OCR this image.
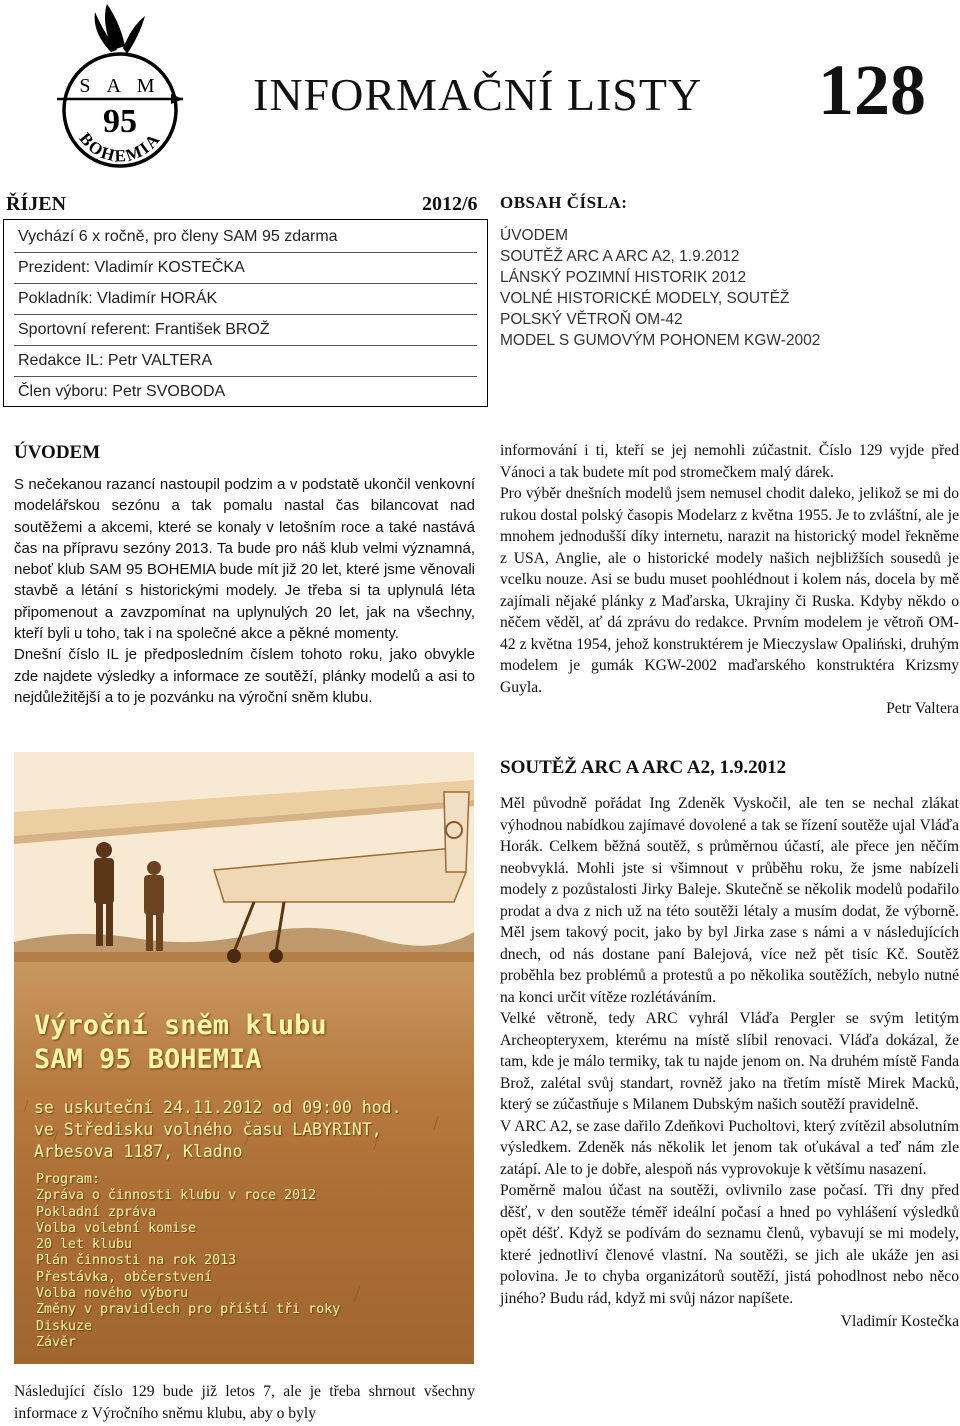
S A M
95
BOHEMIA
INFORMAČNÍ LISTY 128
ŘÍJEN	2012/6
Vychází 6 x ročně, pro členy SAM 95 zdarma
Prezident: Vladimír KOSTEČKA
Pokladník: Vladimír HORÁK
Sportovní referent: František BROŽ
Redakce IL: Petr VALTERA
Člen výboru: Petr SVOBODA
OBSAH ČÍSLA:
ÚVODEM
SOUTĚŽ ARC A ARC A2, 1.9.2012
LÁNSKÝ POZIMNÍ HISTORIK 2012
VOLNÉ HISTORICKÉ MODELY, SOUTĚŽ
POLSKÝ VĚTROŇ OM-42
MODEL S GUMOVÝM POHONEM KGW-2002
ÚVODEM

S nečekanou razancí nastoupil podzim a v podstatě ukončil venkovní modelářskou sezónu a tak pomalu nastal čas bilancovat nad soutěžemi a akcemi, které se konaly v letošním roce a také nastává čas na přípravu sezóny 2013. Ta bude pro náš klub velmi významná, neboť klub SAM 95 BOHEMIA bude mít již 20 let, které jsme věnovali stavbě a létání s historickými modely. Je třeba si ta uplynulá léta připomenout a zavzpomínat na uplynulých 20 let, jak na všechny, kteří byli u toho, tak i na společné akce a pěkné momenty.

Dnešní číslo IL je předposledním číslem tohoto roku, jako obvykle zde najdete výsledky a informace ze soutěží, plánky modelů a asi to nejdůležitější a to je pozvánku na výroční sněm klubu.

Výroční sněm klubu
SAM 95 BOHEMIA
se uskuteční 24.11.2012 od 09:00 hod.
ve Středisku volného času LABYRINT,
Arbesova 1187, Kladno
Program:
Zpráva o činnosti klubu v roce 2012
Pokladní zpráva
Volba volební komise
20 let klubu
Plán činnosti na rok 2013
Přestávka, občerstvení
Volba nového výboru
Změny v pravidlech pro příští tři roky
Diskuze
Závěr

Následující číslo 129 bude již letos 7, ale je třeba shrnout všechny informace z Výročního sněmu klubu, aby o byly

informování i ti, kteří se jej nemohli zúčastnit. Číslo 129 vyjde před Vánoci a tak budete mít pod stromečkem malý dárek.

Pro výběr dnešních modelů jsem nemusel chodit daleko, jelikož se mi do rukou dostal polský časopis Modelarz z května 1955. Je to zvláštní, ale je mnohem jednodušší díky internetu, narazit na historický model řekněme z USA, Anglie, ale o historické modely našich nejbližších sousedů je vcelku nouze. Asi se budu muset poohlédnout i kolem nás, docela by mě zajímali nějaké plánky z Maďarska, Ukrajiny či Ruska. Kdyby někdo o něčem věděl, ať dá zprávu do redakce. Prvním modelem je větroň OM-42 z května 1954, jehož konstruktérem je Mieczyslaw Opaliński, druhým modelem je gumák KGW-2002 maďarského konstruktéra Krizsmy Guyla.

Petr Valtera

SOUTĚŽ ARC A ARC A2, 1.9.2012

Měl původně pořádat Ing Zdeněk Vyskočil, ale ten se nechal zlákat výhodnou nabídkou zajímavé dovolené a tak se řízení soutěže ujal Vláďa Horák. Celkem běžná soutěž, s průměrnou účastí, ale přece jen něčím neobvyklá. Mohli jste si všimnout v průběhu roku, že jsme nabízeli modely z pozůstalosti Jirky Baleje. Skutečně se několik modelů podařilo prodat a dva z nich už na této soutěži létaly a musím dodat, že výborně. Měl jsem takový pocit, jako by byl Jirka zase s námi a v následujících dnech, od nás dostane paní Balejová, více než pět tisíc Kč. Soutěž proběhla bez problémů a protestů a po několika soutěžích, nebylo nutné na konci určit vítěze rozlétáváním.

Velké větroně, tedy ARC vyhrál Vláďa Pergler se svým letitým Archeopteryxem, kterému na místě slíbil renovaci. Vláďa dokázal, že tam, kde je málo termiky, tak tu najde jenom on. Na druhém místě Fanda Brož, zalétal svůj standart, rovněž jako na třetím místě Mirek Macků, který se zúčastňuje s Milanem Dubským našich soutěží pravidelně.

V ARC A2, se zase dařilo Zdeňkovi Pucholtovi, který zvítězil absolutním výsledkem. Zdeněk nás několik let jenom tak oťukával a teď nám zle zatápí. Ale to je dobře, alespoň nás vyprovokuje k většímu nasazení.

Poměrně malou účast na soutěži, ovlivnilo zase počasí. Tři dny před děšť, v den soutěže téměř ideální počasí a hned po vyhlášení výsledků opět déšť. Když se podívám do seznamu členů, vybavují se mi modely, které jednotliví členové vlastní. Na soutěži, se jich ale ukáže jen asi polovina. Je to chyba organizátorů soutěží, jistá pohodlnost nebo něco jiného? Budu rád, když mi svůj názor napíšete.

Vladimír Kostečka
